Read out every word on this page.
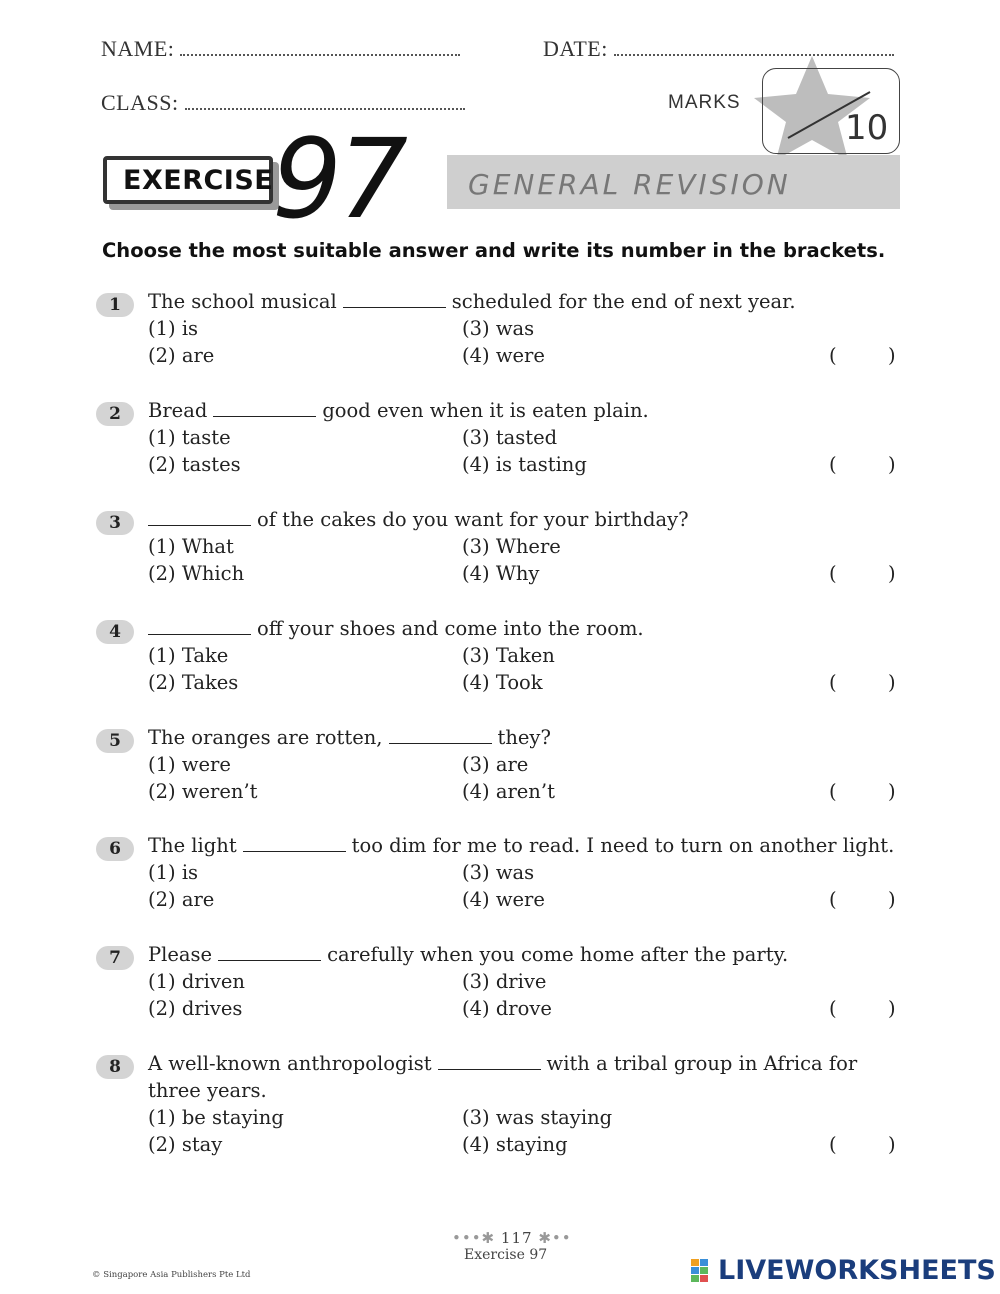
NAME:	DATE:
CLASS:	MARKS
10
GENERAL REVISION
EXERCISE
97
Choose the most suitable answer and write its number in the brackets.
1 The school musical	scheduled for the end of next year.
(1) is
(2) are
(3) was
(4) were	(	)
2 Bread	good even when it is eaten plain.
(1) taste
(2) tastes
(3) tasted
(4) is tasting	(	)
3	of the cakes do you want for your birthday?
(1) What
(2) Which
(3) Where
(4) Why	(	)
4	off your shoes and come into the room.
(1) Take
(2) Takes
(3) Taken
(4) Took	(	)
5 The oranges are rotten,	they?
(1) were
(2) weren’t
(3) are
(4) aren’t	(	)
6 The light	too dim for me to read. I need to turn on another light.
(1) is
(2) are
(3) was
(4) were	(	)
7 Please	carefully when you come home after the party.
(1) driven
(2) drives
(3) drive
(4) drove	(	)
8 A well-known anthropologist	with a tribal group in Africa for
three years.
(1) be staying
(2) stay
(3) was staying
(4) staying	(	)
•••✱ 117 ✱••
Exercise 97
© Singapore Asia Publishers Pte Ltd	LIVEWORKSHEETS
